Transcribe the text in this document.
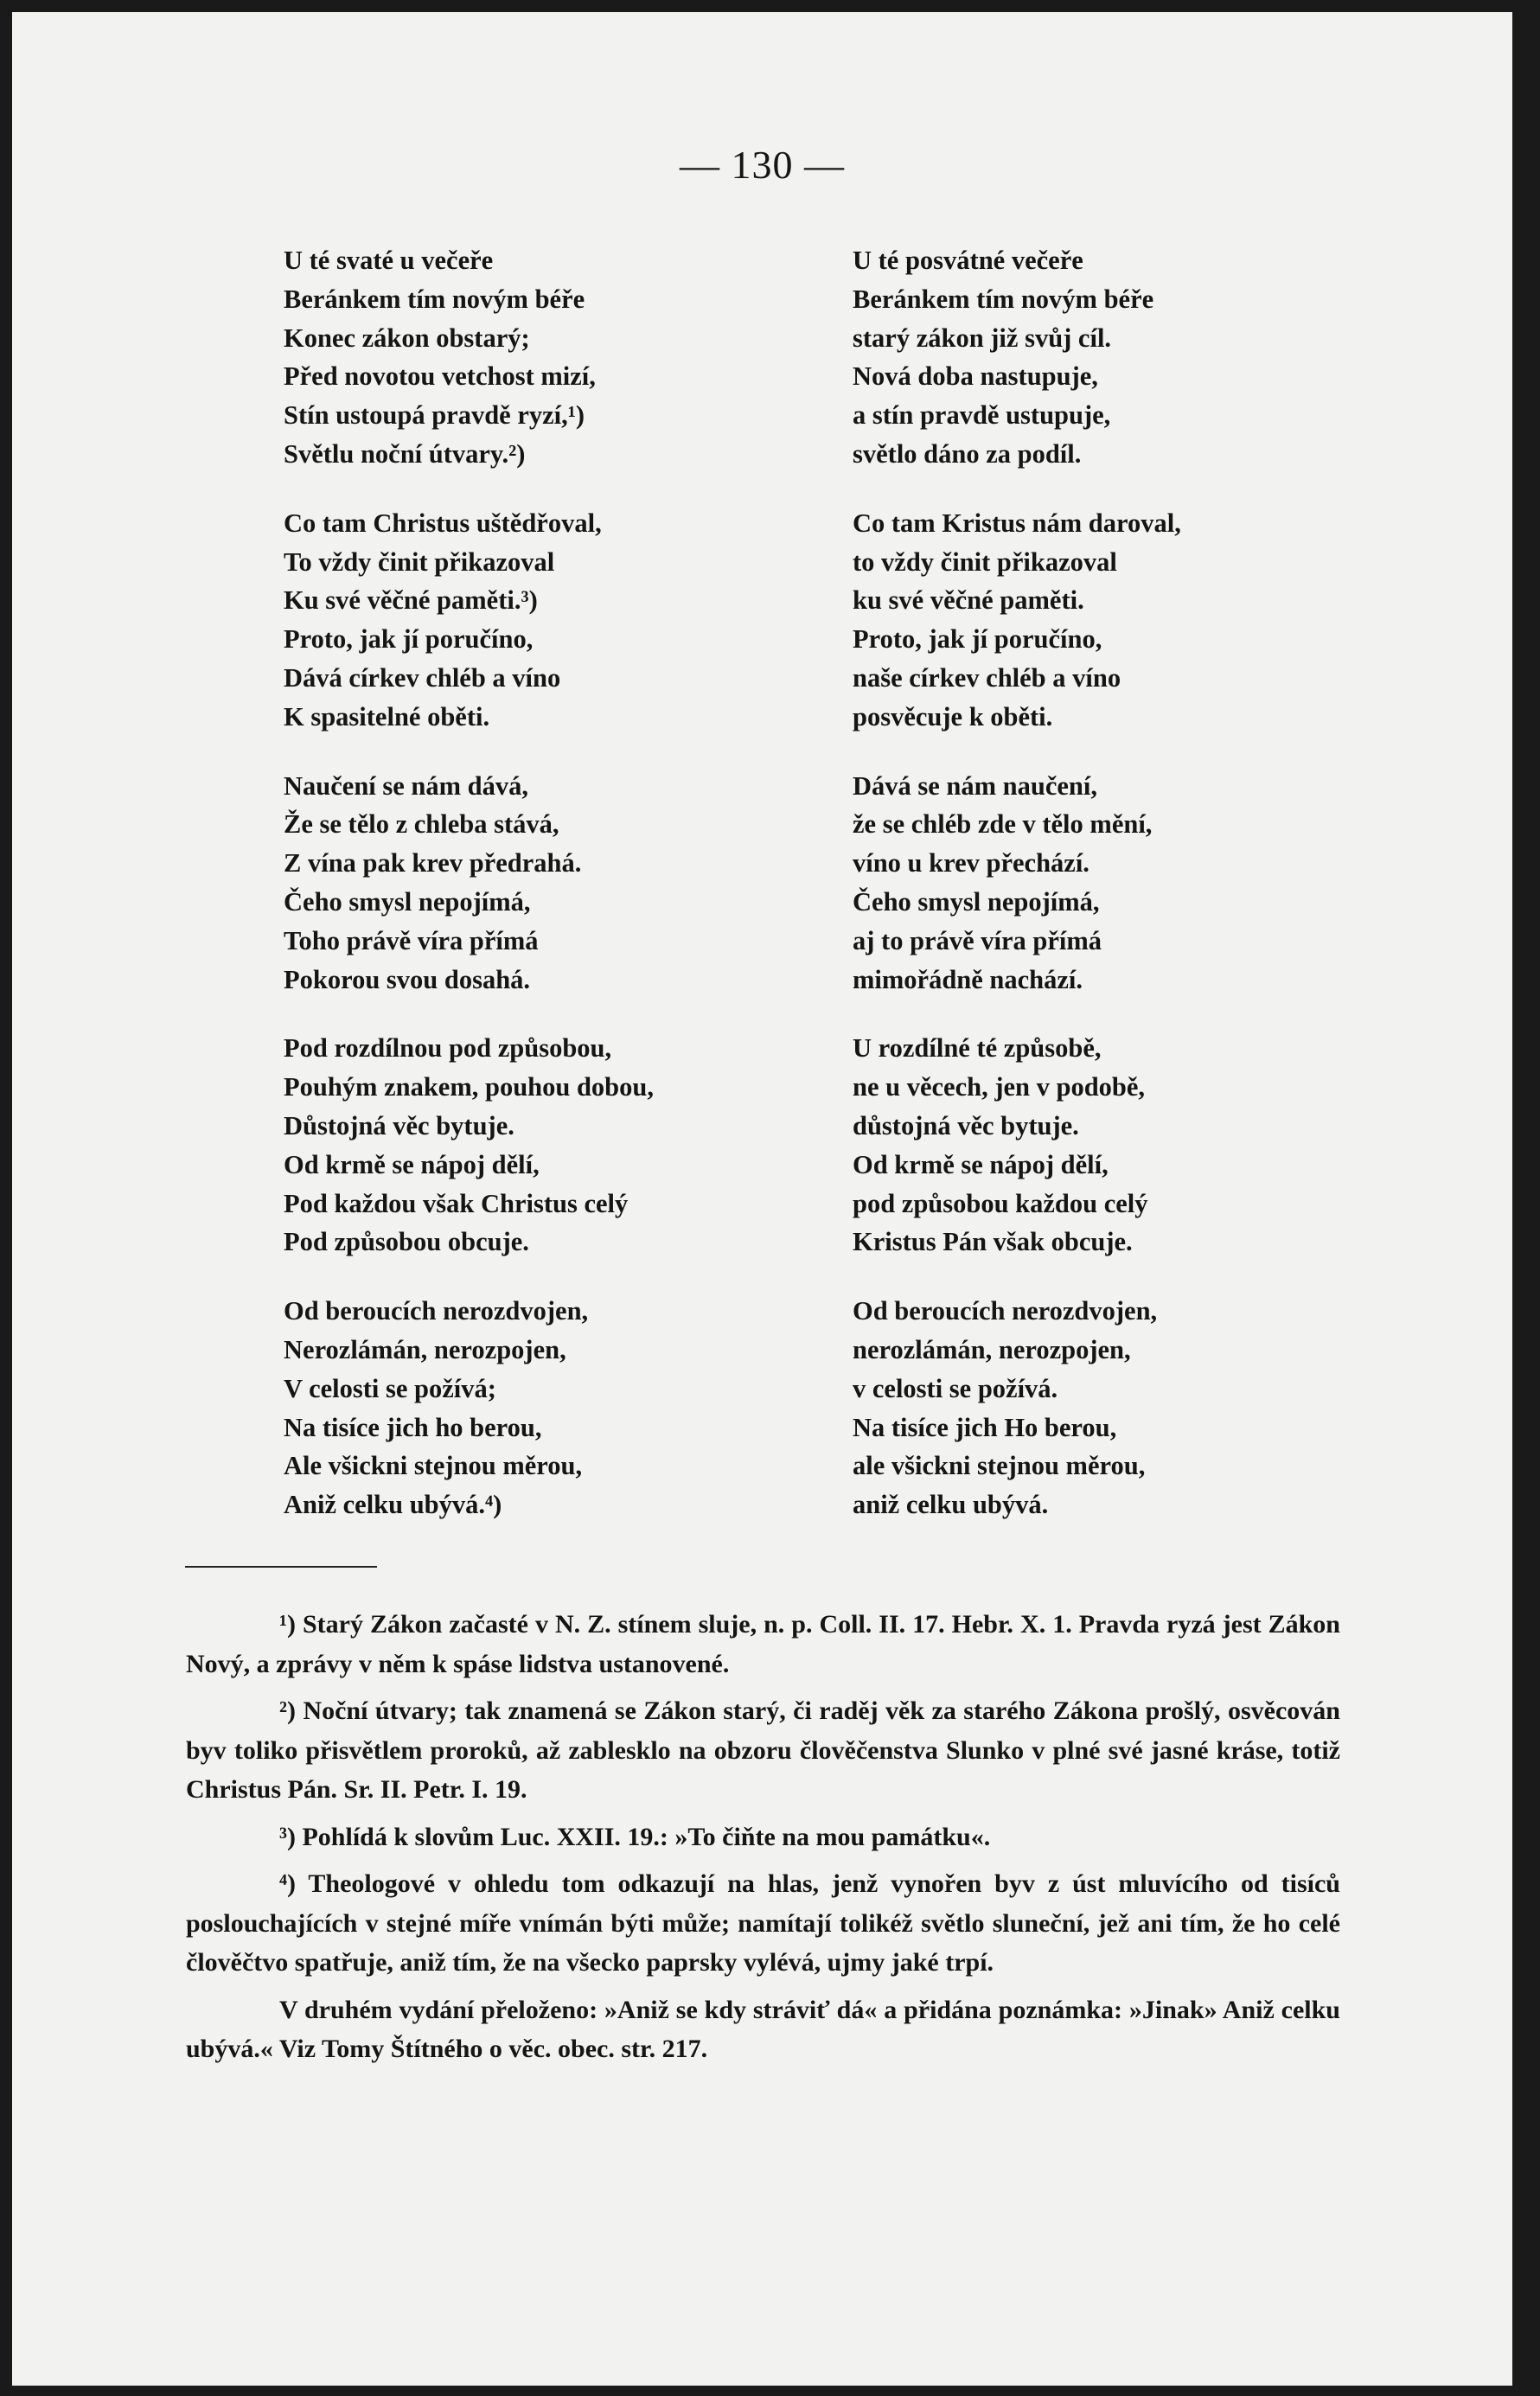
— 130 —
U té svaté u večeře
Beránkem tím novým béře
Konec zákon obstarý;
Před novotou vetchost mizí,
Stín ustoupá pravdě ryzí,¹)
Světlu noční útvary.²)
Co tam Christus uštědřoval,
To vždy činit přikazoval
Ku své věčné paměti.³)
Proto, jak jí poručíno,
Dává církev chléb a víno
K spasitelné oběti.
Naučení se nám dává,
Že se tělo z chleba stává,
Z vína pak krev předrahá.
Čeho smysl nepojímá,
Toho právě víra přímá
Pokorou svou dosahá.
Pod rozdílnou pod způsobou,
Pouhým znakem, pouhou dobou,
Důstojná věc bytuje.
Od krmě se nápoj dělí,
Pod každou však Christus celý
Pod způsobou obcuje.
Od beroucích nerozdvojen,
Nerozlámán, nerozpojen,
V celosti se požívá;
Na tisíce jich ho berou,
Ale všickni stejnou měrou,
Aniž celku ubývá.⁴)
U té posvátné večeře
Beránkem tím novým béře
starý zákon již svůj cíl.
Nová doba nastupuje,
a stín pravdě ustupuje,
světlo dáno za podíl.
Co tam Kristus nám daroval,
to vždy činit přikazoval
ku své věčné paměti.
Proto, jak jí poručíno,
naše církev chléb a víno
posvěcuje k oběti.
Dává se nám naučení,
že se chléb zde v tělo mění,
víno u krev přechází.
Čeho smysl nepojímá,
aj to právě víra přímá
mimořádně nachází.
U rozdílné té způsobě,
ne u věcech, jen v podobě,
důstojná věc bytuje.
Od krmě se nápoj dělí,
pod způsobou každou celý
Kristus Pán však obcuje.
Od beroucích nerozdvojen,
nerozlámán, nerozpojen,
v celosti se požívá.
Na tisíce jich Ho berou,
ale všickni stejnou měrou,
aniž celku ubývá.

¹) Starý Zákon začasté v N. Z. stínem sluje, n. p. Coll. II. 17. Hebr. X. 1. Pravda ryzá jest Zákon Nový, a zprávy v něm k spáse lidstva ustanovené.

²) Noční útvary; tak znamená se Zákon starý, či raděj věk za starého Zákona prošlý, osvěcován byv toliko přisvětlem proroků, až zablesklo na obzoru člověčenstva Slunko v plné své jasné kráse, totiž Christus Pán. Sr. II. Petr. I. 19.

³) Pohlídá k slovům Luc. XXII. 19.: »To čiňte na mou památku«.

⁴) Theologové v ohledu tom odkazují na hlas, jenž vynořen byv z úst mluvícího od tisíců poslouchajících v stejné míře vnímán býti může; namítají tolikéž světlo sluneční, jež ani tím, že ho celé člověčtvo spatřuje, aniž tím, že na všecko paprsky vylévá, ujmy jaké trpí.

V druhém vydání přeloženo: »Aniž se kdy stráviť dá« a přidána poznámka: »Jinak» Aniž celku ubývá.« Viz Tomy Štítného o věc. obec. str. 217.
